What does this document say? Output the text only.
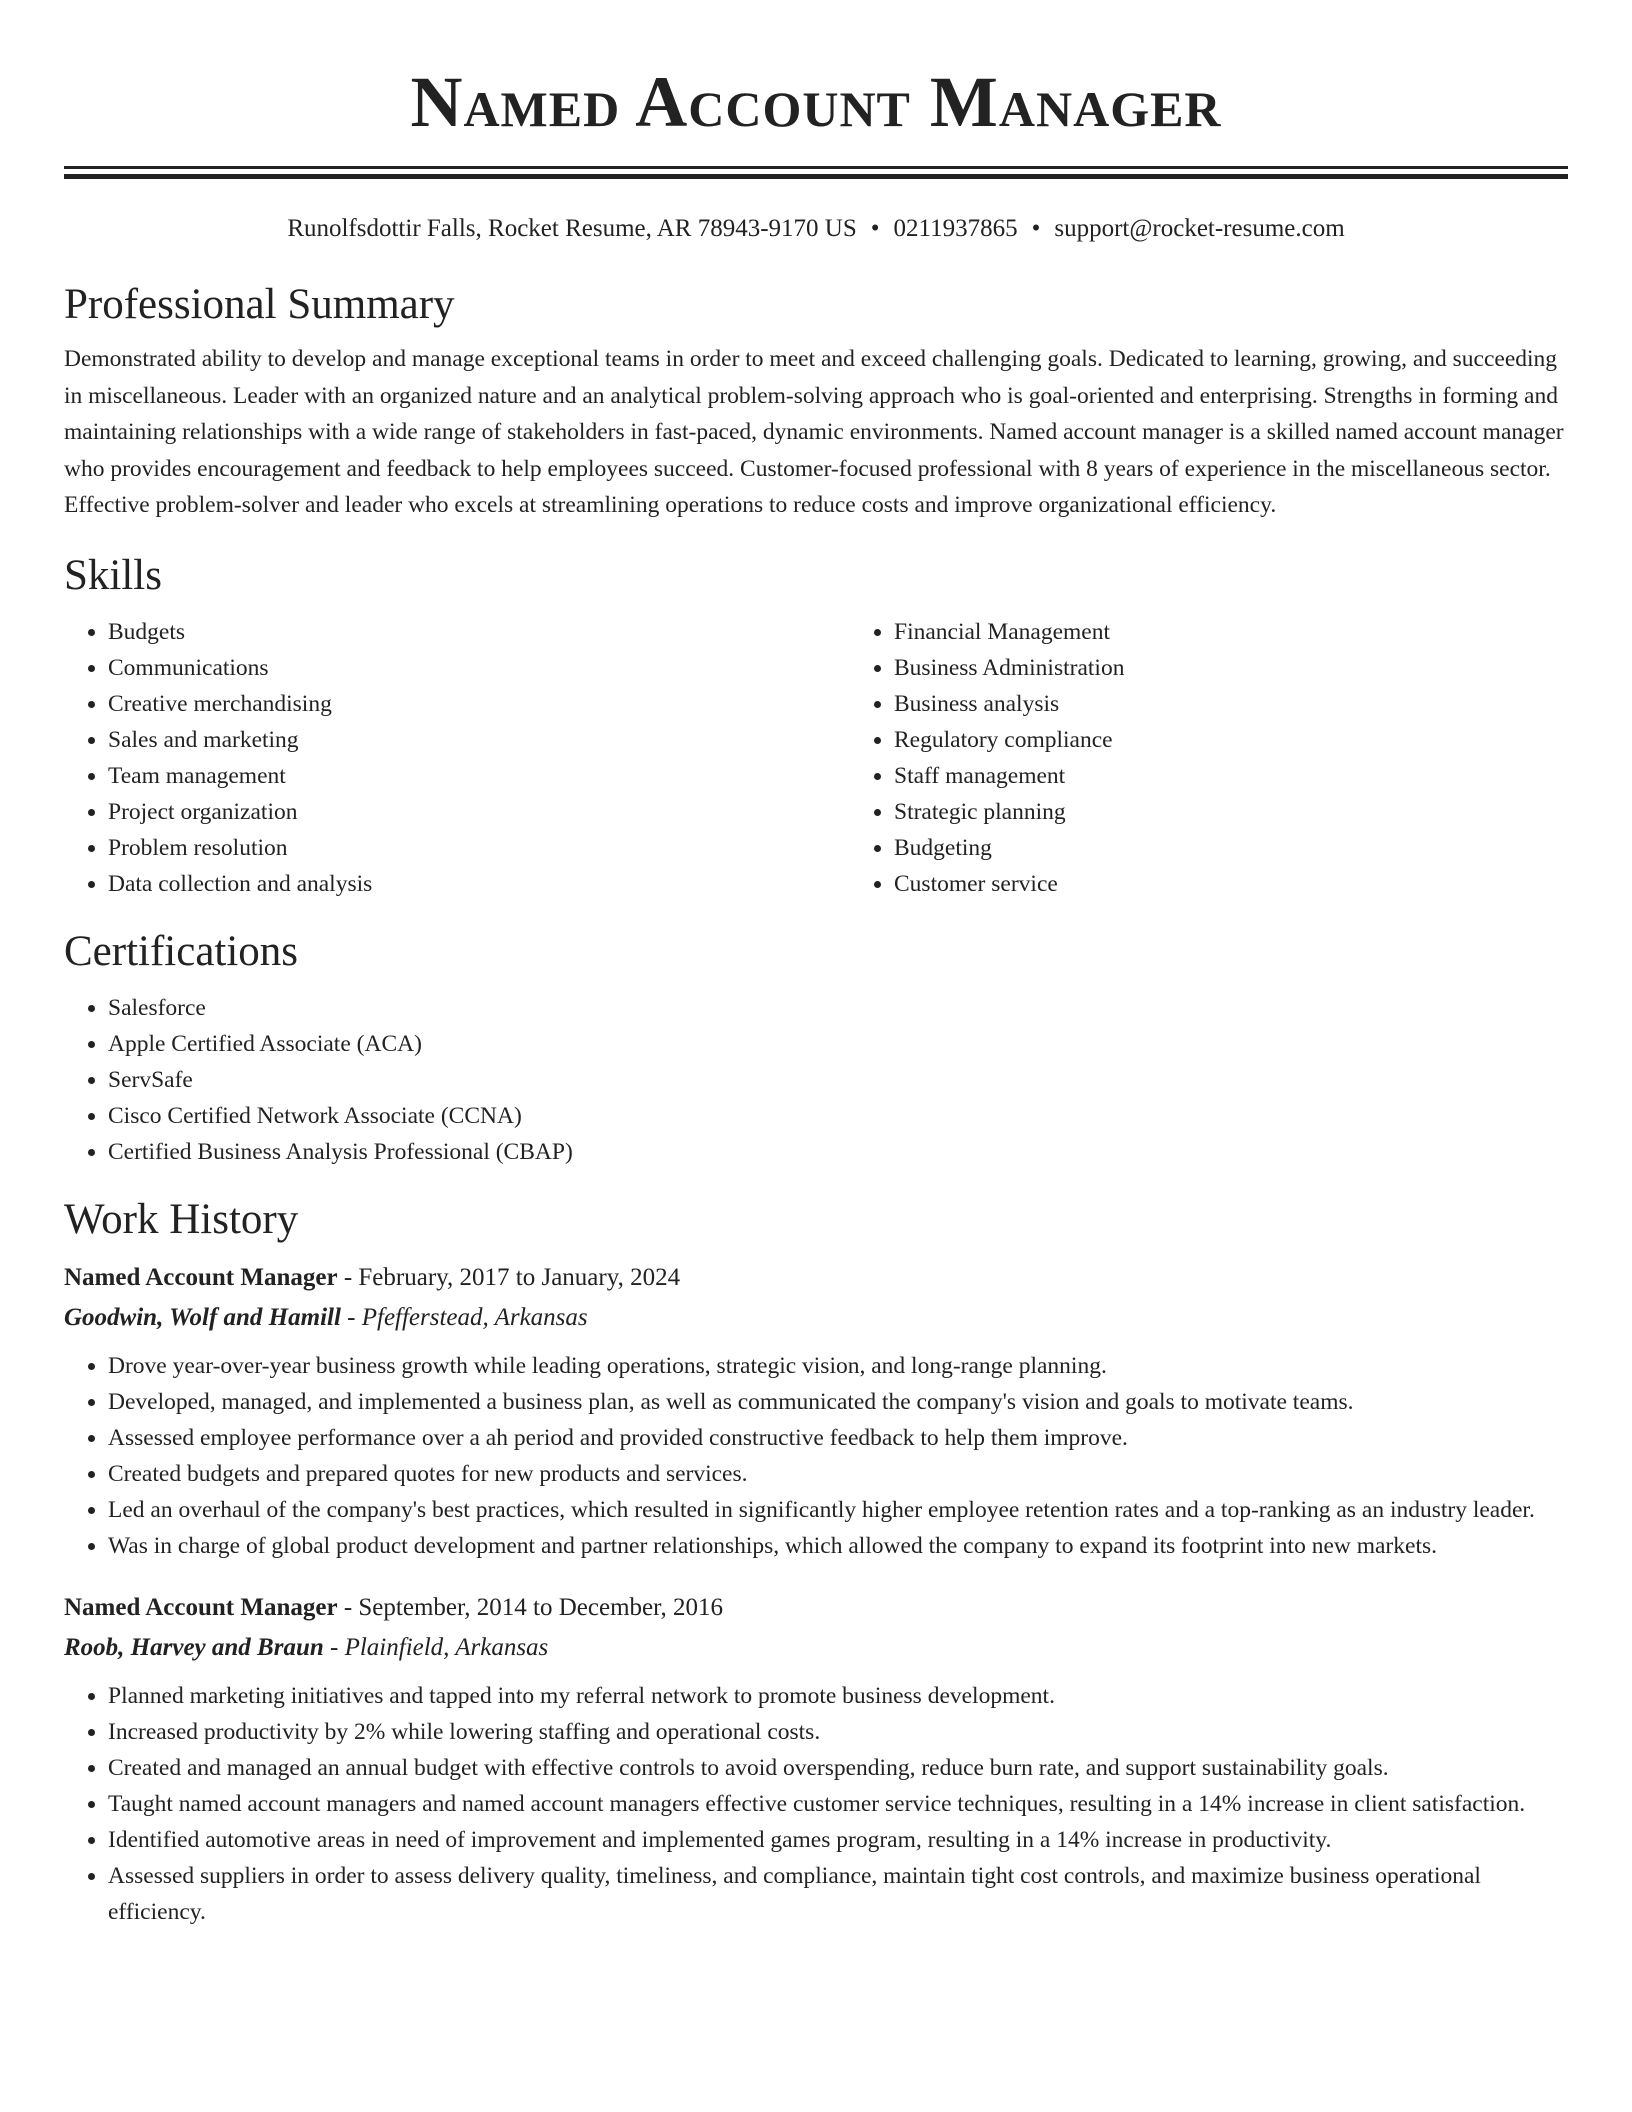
Named Account Manager
Runolfsdottir Falls, Rocket Resume, AR 78943-9170 US • 0211937865 • support@rocket-resume.com
Professional Summary
Demonstrated ability to develop and manage exceptional teams in order to meet and exceed challenging goals. Dedicated to learning, growing, and succeeding in miscellaneous. Leader with an organized nature and an analytical problem-solving approach who is goal-oriented and enterprising. Strengths in forming and maintaining relationships with a wide range of stakeholders in fast-paced, dynamic environments. Named account manager is a skilled named account manager who provides encouragement and feedback to help employees succeed. Customer-focused professional with 8 years of experience in the miscellaneous sector. Effective problem-solver and leader who excels at streamlining operations to reduce costs and improve organizational efficiency.
Skills
• Budgets
• Communications
• Creative merchandising
• Sales and marketing
• Team management
• Project organization
• Problem resolution
• Data collection and analysis
• Financial Management
• Business Administration
• Business analysis
• Regulatory compliance
• Staff management
• Strategic planning
• Budgeting
• Customer service
Certifications
• Salesforce
• Apple Certified Associate (ACA)
• ServSafe
• Cisco Certified Network Associate (CCNA)
• Certified Business Analysis Professional (CBAP)
Work History
Named Account Manager - February, 2017 to January, 2024
Goodwin, Wolf and Hamill - Pfefferstead, Arkansas
• Drove year-over-year business growth while leading operations, strategic vision, and long-range planning.
• Developed, managed, and implemented a business plan, as well as communicated the company's vision and goals to motivate teams.
• Assessed employee performance over a ah period and provided constructive feedback to help them improve.
• Created budgets and prepared quotes for new products and services.
• Led an overhaul of the company's best practices, which resulted in significantly higher employee retention rates and a top-ranking as an industry leader.
• Was in charge of global product development and partner relationships, which allowed the company to expand its footprint into new markets.
Named Account Manager - September, 2014 to December, 2016
Roob, Harvey and Braun - Plainfield, Arkansas
• Planned marketing initiatives and tapped into my referral network to promote business development.
• Increased productivity by 2% while lowering staffing and operational costs.
• Created and managed an annual budget with effective controls to avoid overspending, reduce burn rate, and support sustainability goals.
• Taught named account managers and named account managers effective customer service techniques, resulting in a 14% increase in client satisfaction.
• Identified automotive areas in need of improvement and implemented games program, resulting in a 14% increase in productivity.
• Assessed suppliers in order to assess delivery quality, timeliness, and compliance, maintain tight cost controls, and maximize business operational efficiency.
